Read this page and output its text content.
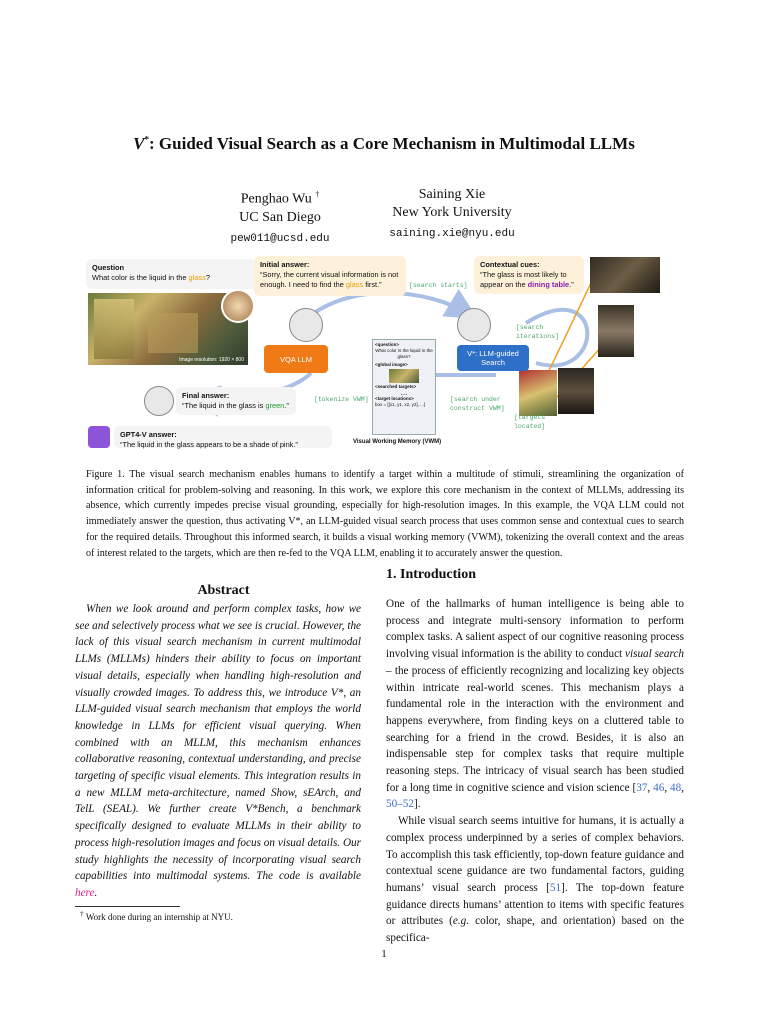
V*: Guided Visual Search as a Core Mechanism in Multimodal LLMs
Penghao Wu †
UC San Diego
pew011@ucsd.edu
Saining Xie
New York University
saining.xie@nyu.edu
Question
What color is the liquid in the glass?
Image resolution: 1920 × 800
Initial answer:
“Sorry, the current visual information is not enough. I need to find the glass first.”
Contextual cues:
“The glass is most likely to appear on the dining table.”
[search starts]
[search iterations]
VQA LLM
V*: LLM-guided Search
<question>
What color is the liquid in the glass?
<global image>
<searched targets>
...
<target locations>
box = [[x1, y1, x2, y2], ...]
Visual Working Memory (VWM)
[tokenize VWM]	[search under construct VWM]
[targets located]
Final answer:
“The liquid in the glass is green.”
GPT4-V answer:
“The liquid in the glass appears to be a shade of pink.”
Figure 1. The visual search mechanism enables humans to identify a target within a multitude of stimuli, streamlining the organization of information critical for problem-solving and reasoning. In this work, we explore this core mechanism in the context of MLLMs, addressing its absence, which currently impedes precise visual grounding, especially for high-resolution images. In this example, the VQA LLM could not immediately answer the question, thus activating V*, an LLM-guided visual search process that uses common sense and contextual cues to search for the required details. Throughout this informed search, it builds a visual working memory (VWM), tokenizing the overall context and the areas of interest related to the targets, which are then re-fed to the VQA LLM, enabling it to accurately answer the question.
Abstract
When we look around and perform complex tasks, how we see and selectively process what we see is crucial. However, the lack of this visual search mechanism in current multimodal LLMs (MLLMs) hinders their ability to focus on important visual details, especially when handling high-resolution and visually crowded images. To address this, we introduce V*, an LLM-guided visual search mechanism that employs the world knowledge in LLMs for efficient visual querying. When combined with an MLLM, this mechanism enhances collaborative reasoning, contextual understanding, and precise targeting of specific visual elements. This integration results in a new MLLM meta-architecture, named Show, sEArch, and TelL (SEAL). We further create V*Bench, a benchmark specifically designed to evaluate MLLMs in their ability to process high-resolution images and focus on visual details. Our study highlights the necessity of incorporating visual search capabilities into multimodal systems. The code is available here.
1. Introduction

One of the hallmarks of human intelligence is being able to process and integrate multi-sensory information to perform complex tasks. A salient aspect of our cognitive reasoning process involving visual information is the ability to conduct visual search – the process of efficiently recognizing and localizing key objects within intricate real-world scenes. This mechanism plays a fundamental role in the interaction with the environment and happens everywhere, from finding keys on a cluttered table to searching for a friend in the crowd. Besides, it is also an indispensable step for complex tasks that require multiple reasoning steps. The intricacy of visual search has been studied for a long time in cognitive science and vision science [37, 46, 48, 50–52].

While visual search seems intuitive for humans, it is actually a complex process underpinned by a series of complex behaviors. To accomplish this task efficiently, top-down feature guidance and contextual scene guidance are two fundamental factors, guiding humans’ visual search process [51]. The top-down feature guidance directs humans’ attention to items with specific features or attributes (e.g. color, shape, and orientation) based on the specifica-

† Work done during an internship at NYU.
1
